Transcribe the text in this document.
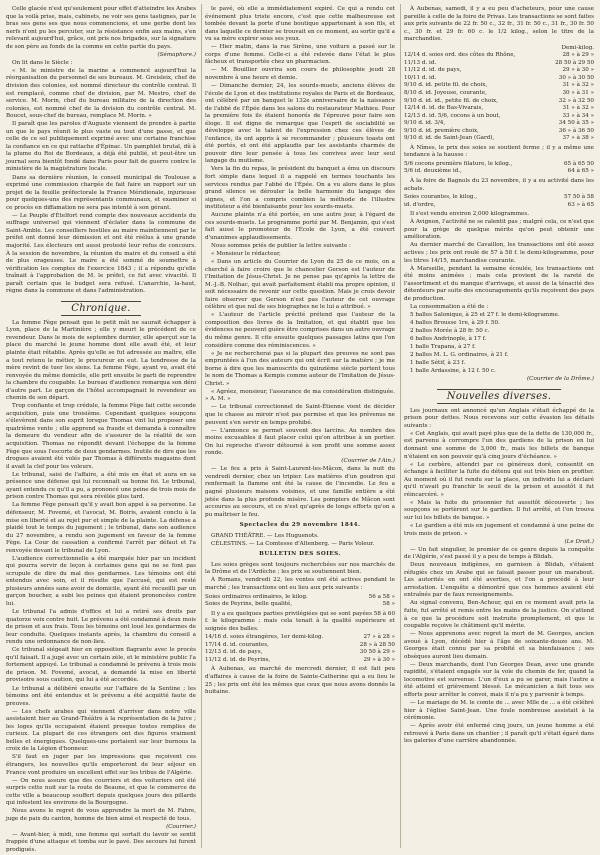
Celle glacée n'est qu'seulement pour effet d'atteindre les Arabes que la voilà prise, mais, cabinets, ne voir ses gens tastignes, par le bras ses gens ses que nous commencions, et une gerbe dont les nerfs n'ont pu les percuter, sur la résistance enfin aux mains, s'en relevant aujourd'hui, grâce, ont pris nos brigades, sur la signature de son père au fonds de la comme en cette partie du pays.

(Sémaphore.)

On lit dans le Siècle :

« M. le ministre de la marine a commencé aujourd'hui la réorganisation du personnel de ses bureaux. M. Greisleix, chef de division des colonies, est nommé directeur du contrôle central. Il est remplacé, comme chef de division, par M. Mestro, chef de service. M. Morin, chef du bureau militaire de la direction des colonies, est nommé chef de la division du contrôle central. M. Boucet, sous-chef de bureau, remplace M. Morin. »

Il paraît que les paroles d'Auguste viennent de prendre à partie un que le pays réunit le plus vaste ou tout d'une passe, et que celle de ce sel publiquement exprimé avec une certaine franchise la confiance en ce qui rattache d'Épinac. Un pamphlet brutal, dû à la plume du Roi de Bordeaux, a déjà été publié, et peut-être un journal sera bientôt fondé dans Paris pour fait de guerre contre le ministère de la magistrature locale.

Dans sa dernière réunion, le conseil municipal de Toulouse a exprimé une commission chargée de fait faire un rapport sur un projet de la feuille préfectorale la France Méridionale, injurieuse pour quelques-uns des représentants communaux, et examiner si ce procès en diffamation ne sera pas intenté à son gérant.

— Le Peuple d'Ételfort rend compte des nouveaux accidents du suffrage universel qui viennent d'éclater dans la commune de Saint-Amble. Les conseillers hostiles au maire maintiennent par le préfet ont donné leur démission et ont été réélus à une grande majorité. Les électeurs ont aussi protesté leur refus de concours. À la session de novembre, la réunion du maire et du conseil a été de plus orageuses. Le maire a été sommé de soumettre à vérification les comptes de l'exercice 1843 ; il a répondu qu'elle traînait à l'approbation de M. le préfet, ce fut avec vivacité. Il paraît certain que le budget sera refusé. L'anarchie, la-haut, règne dans la commune et dans l'administration.

Chronique.

La femme Fège pensait que le petit mât ne saurait échapper à Lyon, place de la Martinière ; elle y meurt le précédent de ce revendeur. Dans le mois de septembre dernier, elle aperçut sur la place du marché le jeune homme dont elle avait été, et leur plainte était rétablie. Après qu'elle se fut adressée au maître, elle a tout retenu le métier, le procureur en eut. La tendresse de la mère revint de tuer les siens. La femme Fège, ayant vu, avait été renvoyée du même domicile, elle prit ensuite le parti de reprendre la chambre du coupable. Le bureau d'audience remarqua son déni d'autre part. Le garçon de l'hôtel accompagnait le revendeur au chemin de son départ.

Trop confiante et trop crédule, la femme Fège fait cette seconde acquisition, puis une troisième. Cependant quelques soupçons s'élevèrent dans son esprit lorsque Thomas vint lui proposer une quatrième vente ; elle apprend sa fraude et demanda à connaître la demeure du vendeur afin de s'assurer de la réalité de son acquisition. Thomas ne répondit devant l'échoppe de la femme Fège que sous l'escorte de deux gendarmes. Inutile de dire que les drogues avaient été volés par Thomas à différents magasins dont il avait la clef pour les voleurs.

Le tribunal, saisi de l'affaire, a été mis en état et aura en sa présence une défense qui lui reconnaît sa bonne foi. Le tribunal, ayant entendu ce qu'il a pu, a prononcé une peine de trois mois de prison contre Thomas qui sera révélée plus tard.

La femme Fège pensait qu'il y avait bon appel à sa personne. Le défenseur, M. Fovemé, et l'avocat, M. Boiris, avaient conclu à la mise en liberté et au rejet pur et simple de la plainte. La défense a plaidé tout le temps du jugement ; le tribunal, dans son audience du 27 novembre, a rendu son jugement en faveur de la femme Fège. La Cour de cassation a confirmé l'arrêt par défaut et l'a renvoyée devant le tribunal de Lyon.

L'audience correctionnelle a été marquée hier par un incident qui pourra servir de leçon à certaines gens qui ne se font pas scrupule de dire du mal des gendarmes. Les témoins ont été entendus avec soin, et il résulte que l'accusé, qui est resté plusieurs années sans avoir de domicile, ayant été recueilli par un garçon boucher, a subi les peines qui étaient prononcées contre lui.

Le tribunal l'a admis d'office et lui a retiré ses droits par quatorze voix contre huit. Le prévenu a été condamné à deux mois de prison et aux frais. Tous les témoins ont loué les gendarmes de leur conduite. Quelques instants après, la chambre du conseil a rendu une ordonnance de non-lieu.

Ce tribunal siégeait hier en opposition flagrante avec le procès qu'il faisait. Il a jugé avec un certain zèle, et le ministère public l'a fortement appuyé. Le tribunal a condamné le prévenu à trois mois de prison. M. Fovemé, avocat, a demandé la mise en liberté provisoire sous caution, qui lui a été accordée.

Le tribunal a délibéré ensuite sur l'affaire de la Sentine ; les témoins ont été entendus et le prévenu a été acquitté faute de preuves.

— Les chefs arabes qui viennent d'arriver dans notre ville assistaient hier au Grand-Théâtre à la représentation de la Juive ; les loges qu'ils occupaient étaient presque toutes remplies de curieux. La plupart de ces étrangers ont des figures vraiment belles et énergiques. Quelques-uns portaient sur leur burnous la croix de la Légion d'honneur.

S'il faut en juger par les impressions que reçoivent ces étrangers, les nouvelles qu'ils emporteront de leur séjour en France vont produire un excellent effet sur les tribus de l'Algérie.

— On nous assure que des courriers et des voituriers ont été surpris cette nuit sur la route de Beaune, et que le commerce de cette ville a beaucoup souffert depuis quelques jours des pillards qui infestent les environs de la Bourgogne.

Nous avons le regret de vous apprendre la mort de M. Fabre, juge de paix du canton, homme de bien aimé et respecté de tous.

(Courrier.)

— Avant-hier, à midi, une femme qui sortait du lavoir se sentit frappée d'une attaque et tomba sur le pavé. Des secours lui furent prodigués.

le pavé, où elle a immédiatement expiré. Ce qui a rendu cet événement plus triste encore, c'est que cette malheureuse est tombée devant la porte d'une boutique appartenant à son fils, et dans laquelle ce dernier se trouvait en ce moment, au sortir qu'il a vu sa mère expirer sous ses yeux.

— Hier matin, dans la rue Sirène, une voiture a passé sur le corps d'une femme. Celle-ci a été relevée dans l'état le plus fâcheux et transportée chez un pharmacien.

— M. Bouillier ouvrira son cours de philosophie jeudi 28 novembre à une heure et demie.

— Dimanche dernier, 24, les sourds-muets, anciens élèves de l'école de Lyon et des institutions royales de Paris et de Bordeaux, ont célébré par un banquet le 132e anniversaire de la naissance de l'abbé de l'Épée dans les salons du restaurateur Mathieu. Pour la première fois ils étaient honorés de l'épreuve pour faire son éloge. Il est digne de remarque que l'esprit de sociabilité se développe avec le talent de l'expression chez ces élèves de l'enfance, ils ont appris à se recommander ; plusieurs toasts ont été portés, et ont été applaudis par les assistants charmés de pouvoir dire leur pensée à tous les convives avec leur seul langage du mutisme.

Vers la fin du repas, le président du banquet a ému un discours fort simple dans lequel il a rappelé en termes touchants les services rendus par l'abbé de l'Épée. On a vu alors dans le plus grand silence se dérouler la belle harmonie du langage des signes, et l'on a compris combien la méthode de l'illustre instituteur a été bienfaisante pour les sourds-muets.

Aucune plainte n'a été portée, en une autre jour, à l'égard de ces sourds-muets. Le programme porté par M. Benjamin, qui s'est fait aussi le promoteur de l'École de Lyon, a été couvert d'unanimes applaudissements.

Nous sommes priés de publier la lettre suivante :

« Monsieur le rédacteur,

« Dans un article du Courrier de Lyon du 25 de ce mois, on a cherché à faire croire que le chancelier Gerson est l'auteur de l'Imitation de Jésus-Christ. Je ne pense pas qu'après la lettre de M.-J.-B. Nolhac, qui avait parfaitement établi ma propre opinion, il soit nécessaire de revenir sur cette question. Mais je crois devoir faire observer que Gerson n'est pas l'auteur de cet ouvrage célèbre et que nul de ses biographes ne le lui a attribué. »

« L'auteur de l'article précité prétend que l'auteur de la composition des livres de la Imitation, et qui établit que les évidences ne peuvent guère être comprises dans un autre ouvrage du même genre. Il cite ensuite quelques passages latins que l'on considère comme des réminiscences. »

« Je ne rechercherai pas si la plupart des preuves ne sont pas empruntées à l'un des auteurs qui ont écrit sur la matière ; je me borne à dire que les manuscrits du quinzième siècle portent tous le nom de Thomas a Kempis comme auteur de l'Imitation de Jésus-Christ. »

« Agréez, monsieur, l'assurance de ma considération distinguée. » A. M. »

— Le tribunal correctionnel de Saint-Étienne vient de décider que le chasse au miroir n'est pas permise et que les prévenus ne peuvent s'en servir en temps prohibé.

— L'annonce se permet souvent des larcins. Au nombre des moins excusables il faut placer celui qu'on attribue à un portier. On lui reproche d'avoir détourné à son profit une somme assez ronde.

(Courrier de l'Ain.)

— Le feu a pris à Saint-Laurent-les-Mâcon, dans la nuit du vendredi dernier, chez un tripier. Les matières d'un goudron qui renfermait la flamme ont été la cause de l'incendie. Le feu a gagné plusieurs maisons voisines, et une famille entière a été jetée dans la plus profonde misère. Les pompiers de Mâcon sont accourus au secours, et ce n'est qu'après de longs efforts qu'on a pu maîtriser le feu.

Spectacles du 29 novembre 1844.

GRAND THÉÂTRE. — Les Huguenots.

CÉLESTINS. — La Comtesse d'Altenberg. — Paris Voleur.

BULLETIN DES SOIES.

Les soies grèges sont toujours recherchées sur nos marchés de la Drôme et de l'Ardèche ; les prix se soutiennent bien.

À Romans, vendredi 22, les ventes ont été actives pendant le marché ; les transactions ont eu lieu aux prix suivants :

Soies ordinaires ordinaires, le kilog.	56 a 58 »
Soies de Peyrins, belle qualité,	58 »

Il y a eu quelques parties privilégiées qui se sont payées 58 à 60 f. le kilogramme ; mais cela tenait à la qualité supérieure et soignée des balles.

14/16 d. soies étrangères, 1er demi-kilog.	27 » à 28 »
17/14 d. id. courantes,	28 » à 28 50
12/13 d. id. de pays,	30 50 à 29 »
11/12 d. id. de Peyrins,	29 » à 30 »

À Aubenas, au marché de mercredi dernier, il est fait peu d'affaires à cause de la foire de Sainte-Catherine qui a eu lieu le 25 ; les prix ont été les mêmes que ceux que nous avons donnés la huitaine.

À Aubenas, samedi, il y a eu peu d'acheteurs, pour une cause pareille à celle de la foire de Privas. Les transactions se sont faites aux prix suivants de 22 fr. 50 c., 32 fr., 31 fr. 50 c., 31 fr., 30 fr. 50 c., 30 fr. et 29 fr. 60 c. le 1/2 kilog., selon le titre de la marchandise.

Demi-kilog.
12/14 d. soies ord. des côtes du Rhône,	28 » à 29 »
11/13 d. id.	28 50 à 29 50
11/12 d. id. de pays,	29 » à 30 »
10/11 d. id.	30 » à 30 50
9/10 d. id. petite fil. de choix,	31 » à 32 »
8/10 d. id. Joyeuse, courante,	30 » à 31 »
9/10 d. id. id., petite fil. de choix,	32 » à 32 50
12/14 d. id. de Bas-Vivarais,	31 » à 32 »
12/13 d. id. 5/6, cocons à un bout,	33 » à 34 »
9/10 d. id. 3/4,	34 50 à 35 »
9/10 d. id. première choix,	36 » à 36 50
9/10 d. id. de Saint-Jean (Gard),	37 » à 38 »

À Nîmes, le prix des soies se soutient ferme ; il y a même une tendance à la hausse :

5/6 cocons première filature, le kilog.,	65 à 65 50
5/6 id. deuxième id.,	64 à 65 »

À la foire de Bagnols du 23 novembre, il y a eu activité dans les achats.

Soies courantes, le kilog.,	57 50 à 58
id. d'ordre,	63 » à 65

Il s'est vendu environ 2,000 kilogrammes.

À Avignon, l'activité ne se ralentit pas ; malgré cela, ce n'est que pour la grège de quelque mérite qu'on peut obtenir une amélioration.

Au dernier marché de Cavaillon, les transactions ont été assez actives ; les prix ont roulé de 57 à 58 f. le demi-kilogramme, pour les titres 14/15, marchandise courante.

À Marseille, pendant la semaine écoulée, les transactions ont été moins animées ; mais cela provient de la rareté de l'assortiment et du manque d'arrivage, et aussi de la ténacité des détenteurs par suite des encouragements qu'ils reçoivent des pays de production.

La consommation a été de :

5 balles Salonique, à 25 et 27 f. le demi-kilogramme.

4 balles Brousse 1re, à 29 f. 50.

2 balles Morée à 28 fr. 50 c.

6 balles Andrinople, à 17 f.

1 balle Trapana, à 27 f.

2 balles M. L. G. ordinaires, à 21 f.

1 balle Sétif, à 23 f.

1 balle Ardassine, à 12 f. 50 c.

(Courrier de la Drôme.)

Nouvelles diverses.

Les journaux ont annoncé qu'un Anglais s'était échappé de la prison pour dettes. Nous recevons sur cette évasion les détails suivants :

« Cet Anglais, qui avait payé plus que de la dette de 130,000 fr., est parvenu à corrompre l'un des gardiens de la prison en lui donnant une somme de 3,000 fr., mais les billets de banque n'étaient en son pouvoir qu'à cinq jours d'échéance. »

« Le cerbère, attendri par ce généreux doré, consentit en échange à faciliter la fuite du détenu qui sut très bien en profiter. Au moment où il fut rendu sur la place, un individu lui a déclaré qu'il n'avait pu franchir le seuil de la prison et aussitôt il fut réincarcéré. »

« Mais la fuite du prisonnier fut aussitôt découverte ; les soupçons se portèrent sur le gardien. Il fut arrêté, et l'on trouva sur lui les billets de banque. »

« Le gardien a été mis en jugement et condamné à une peine de trois mois de prison. »

(Le Droit.)

— Un fait singulier, le premier de ce genre depuis la conquête de l'Algérie, s'est passé il y a peu de temps à Blidah.

Deux nouveaux indigènes, en garnison à Blidah, s'étaient réfugiés chez un Arabe qui se faisait passer pour un marabout. Les autorités en ont été averties, et l'on a procédé à leur arrestation. L'enquête a démontré que ces hommes avaient été entraînés par de faux renseignements.

Au signal convenu, Ben-Achour, qui en ce moment avait pris la fuite, fut arrêté et remis entre les mains de la justice. On s'attend à ce que la procédure soit instruite promptement, et que le coupable reçoive le châtiment qu'il mérite.

— Nous apprenons avec regret la mort de M. Georges, ancien avoué à Lyon, décédé hier à l'âge de soixante-douze ans. M. Georges était connu par sa probité et sa bienfaisance ; ses obsèques auront lieu demain.

— Deux marchands, dont l'un Georges Dean, avec une grande rapidité, s'étaient engagés sur la voie du chemin de fer, quand la locomotive est survenue. L'un d'eux a pu se garer, mais l'autre a été atteint et grièvement blessé. Le mécanicien a fait tous ses efforts pour arrêter le convoi, mais il n'a pu y parvenir à temps.

— Le mariage de M. le comte de ... avec Mlle de ... a été célébré hier à l'église Saint-Jean. Une foule nombreuse assistait à la cérémonie.

— Après avoir été enfermé cinq jours, un jeune homme a été retrouvé à Paris dans un chantier ; il paraît qu'il s'était égaré dans les galeries d'une carrière abandonnée.
